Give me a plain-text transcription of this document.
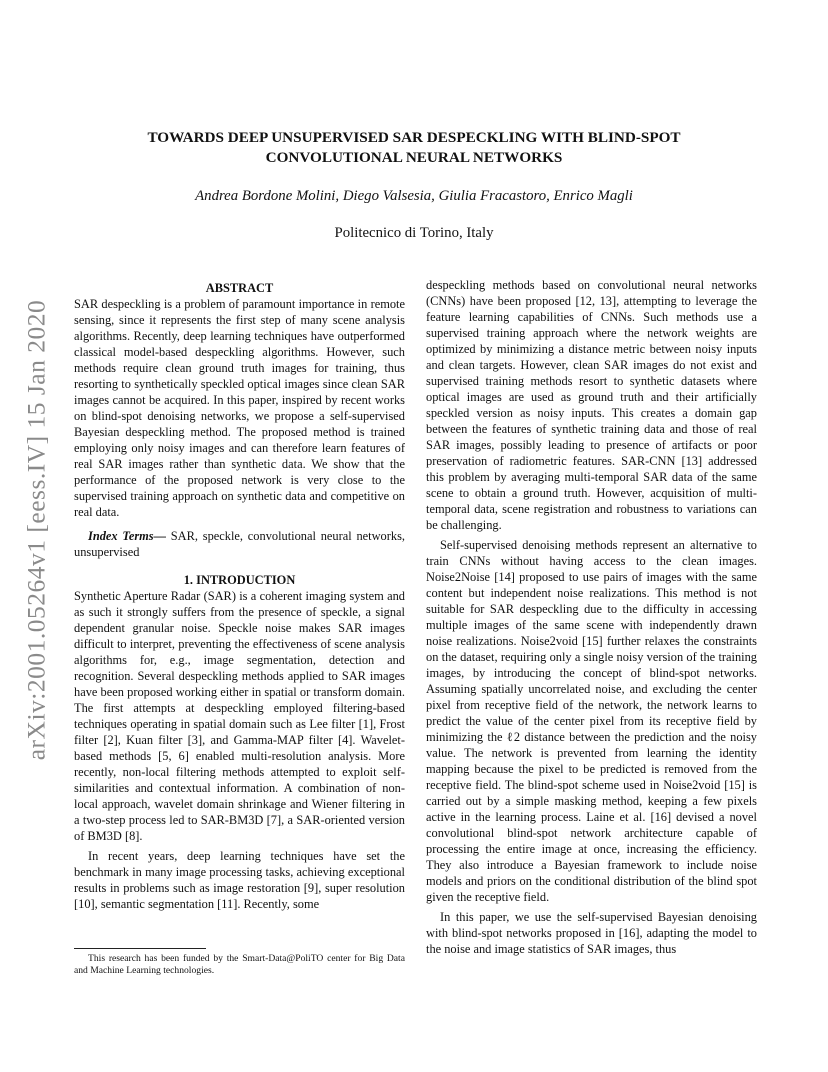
arXiv:2001.05264v1 [eess.IV] 15 Jan 2020
TOWARDS DEEP UNSUPERVISED SAR DESPECKLING WITH BLIND-SPOT
CONVOLUTIONAL NEURAL NETWORKS
Andrea Bordone Molini, Diego Valsesia, Giulia Fracastoro, Enrico Magli
Politecnico di Torino, Italy

ABSTRACT

SAR despeckling is a problem of paramount importance in remote sensing, since it represents the first step of many scene analysis algorithms. Recently, deep learning techniques have outperformed classical model-based despeckling algorithms. However, such methods require clean ground truth images for training, thus resorting to synthetically speckled optical images since clean SAR images cannot be acquired. In this paper, inspired by recent works on blind-spot denoising networks, we propose a self-supervised Bayesian despeckling method. The proposed method is trained employing only noisy images and can therefore learn features of real SAR images rather than synthetic data. We show that the performance of the proposed network is very close to the supervised training approach on synthetic data and competitive on real data.

Index Terms— SAR, speckle, convolutional neural networks, unsupervised

1. INTRODUCTION

Synthetic Aperture Radar (SAR) is a coherent imaging system and as such it strongly suffers from the presence of speckle, a signal dependent granular noise. Speckle noise makes SAR images difficult to interpret, preventing the effectiveness of scene analysis algorithms for, e.g., image segmentation, detection and recognition. Several despeckling methods applied to SAR images have been proposed working either in spatial or transform domain. The first attempts at despeckling employed filtering-based techniques operating in spatial domain such as Lee filter [1], Frost filter [2], Kuan filter [3], and Gamma-MAP filter [4]. Wavelet-based methods [5, 6] enabled multi-resolution analysis. More recently, non-local filtering methods attempted to exploit self-similarities and contextual information. A combination of non-local approach, wavelet domain shrinkage and Wiener filtering in a two-step process led to SAR-BM3D [7], a SAR-oriented version of BM3D [8].

In recent years, deep learning techniques have set the benchmark in many image processing tasks, achieving exceptional results in problems such as image restoration [9], super resolution [10], semantic segmentation [11]. Recently, some

despeckling methods based on convolutional neural networks (CNNs) have been proposed [12, 13], attempting to leverage the feature learning capabilities of CNNs. Such methods use a supervised training approach where the network weights are optimized by minimizing a distance metric between noisy inputs and clean targets. However, clean SAR images do not exist and supervised training methods resort to synthetic datasets where optical images are used as ground truth and their artificially speckled version as noisy inputs. This creates a domain gap between the features of synthetic training data and those of real SAR images, possibly leading to presence of artifacts or poor preservation of radiometric features. SAR-CNN [13] addressed this problem by averaging multi-temporal SAR data of the same scene to obtain a ground truth. However, acquisition of multi-temporal data, scene registration and robustness to variations can be challenging.

Self-supervised denoising methods represent an alternative to train CNNs without having access to the clean images. Noise2Noise [14] proposed to use pairs of images with the same content but independent noise realizations. This method is not suitable for SAR despeckling due to the difficulty in accessing multiple images of the same scene with independently drawn noise realizations. Noise2void [15] further relaxes the constraints on the dataset, requiring only a single noisy version of the training images, by introducing the concept of blind-spot networks. Assuming spatially uncorrelated noise, and excluding the center pixel from receptive field of the network, the network learns to predict the value of the center pixel from its receptive field by minimizing the ℓ2 distance between the prediction and the noisy value. The network is prevented from learning the identity mapping because the pixel to be predicted is removed from the receptive field. The blind-spot scheme used in Noise2void [15] is carried out by a simple masking method, keeping a few pixels active in the learning process. Laine et al. [16] devised a novel convolutional blind-spot network architecture capable of processing the entire image at once, increasing the efficiency. They also introduce a Bayesian framework to include noise models and priors on the conditional distribution of the blind spot given the receptive field.

In this paper, we use the self-supervised Bayesian denoising with blind-spot networks proposed in [16], adapting the model to the noise and image statistics of SAR images, thus

This research has been funded by the Smart-Data@PoliTO center for Big Data and Machine Learning technologies.
